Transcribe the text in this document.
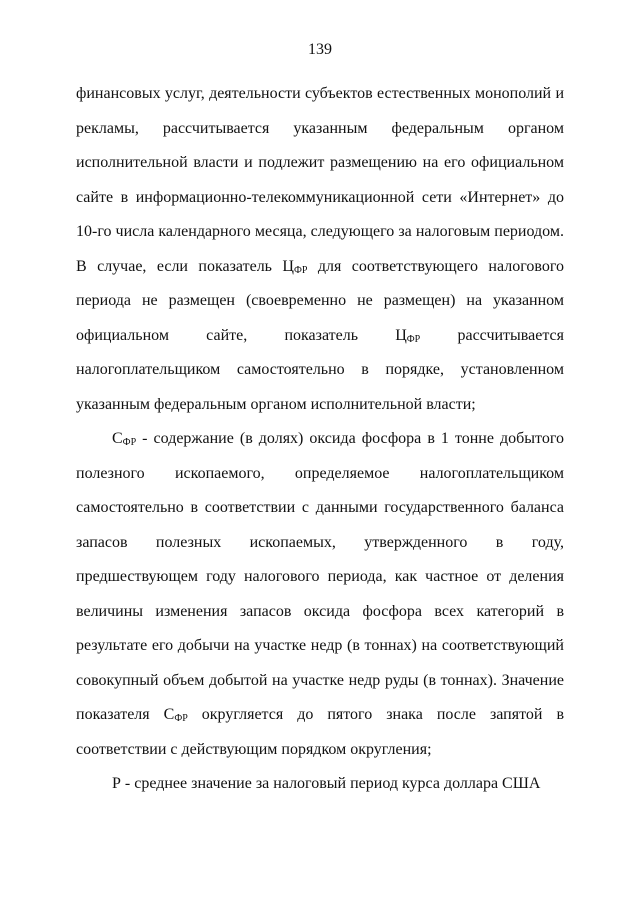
139

финансовых услуг, деятельности субъектов естественных монополий и рекламы, рассчитывается указанным федеральным органом исполнительной власти и подлежит размещению на его официальном сайте в информационно-телекоммуникационной сети «Интернет» до 10-го числа календарного месяца, следующего за налоговым периодом. В случае, если показатель $Ц_{ФР}$ для соответствующего налогового периода не размещен (своевременно не размещен) на указанном официальном сайте, показатель $Ц_{ФР}$ рассчитывается налогоплательщиком самостоятельно в порядке, установленном указанным федеральным органом исполнительной власти;

$С_{ФР}$ - содержание (в долях) оксида фосфора в 1 тонне добытого полезного ископаемого, определяемое налогоплательщиком самостоятельно в соответствии с данными государственного баланса запасов полезных ископаемых, утвержденного в году, предшествующем году налогового периода, как частное от деления величины изменения запасов оксида фосфора всех категорий в результате его добычи на участке недр (в тоннах) на соответствующий совокупный объем добытой на участке недр руды (в тоннах). Значение показателя $С_{ФР}$ округляется до пятого знака после запятой в соответствии с действующим порядком округления;

Р - среднее значение за налоговый период курса доллара США
